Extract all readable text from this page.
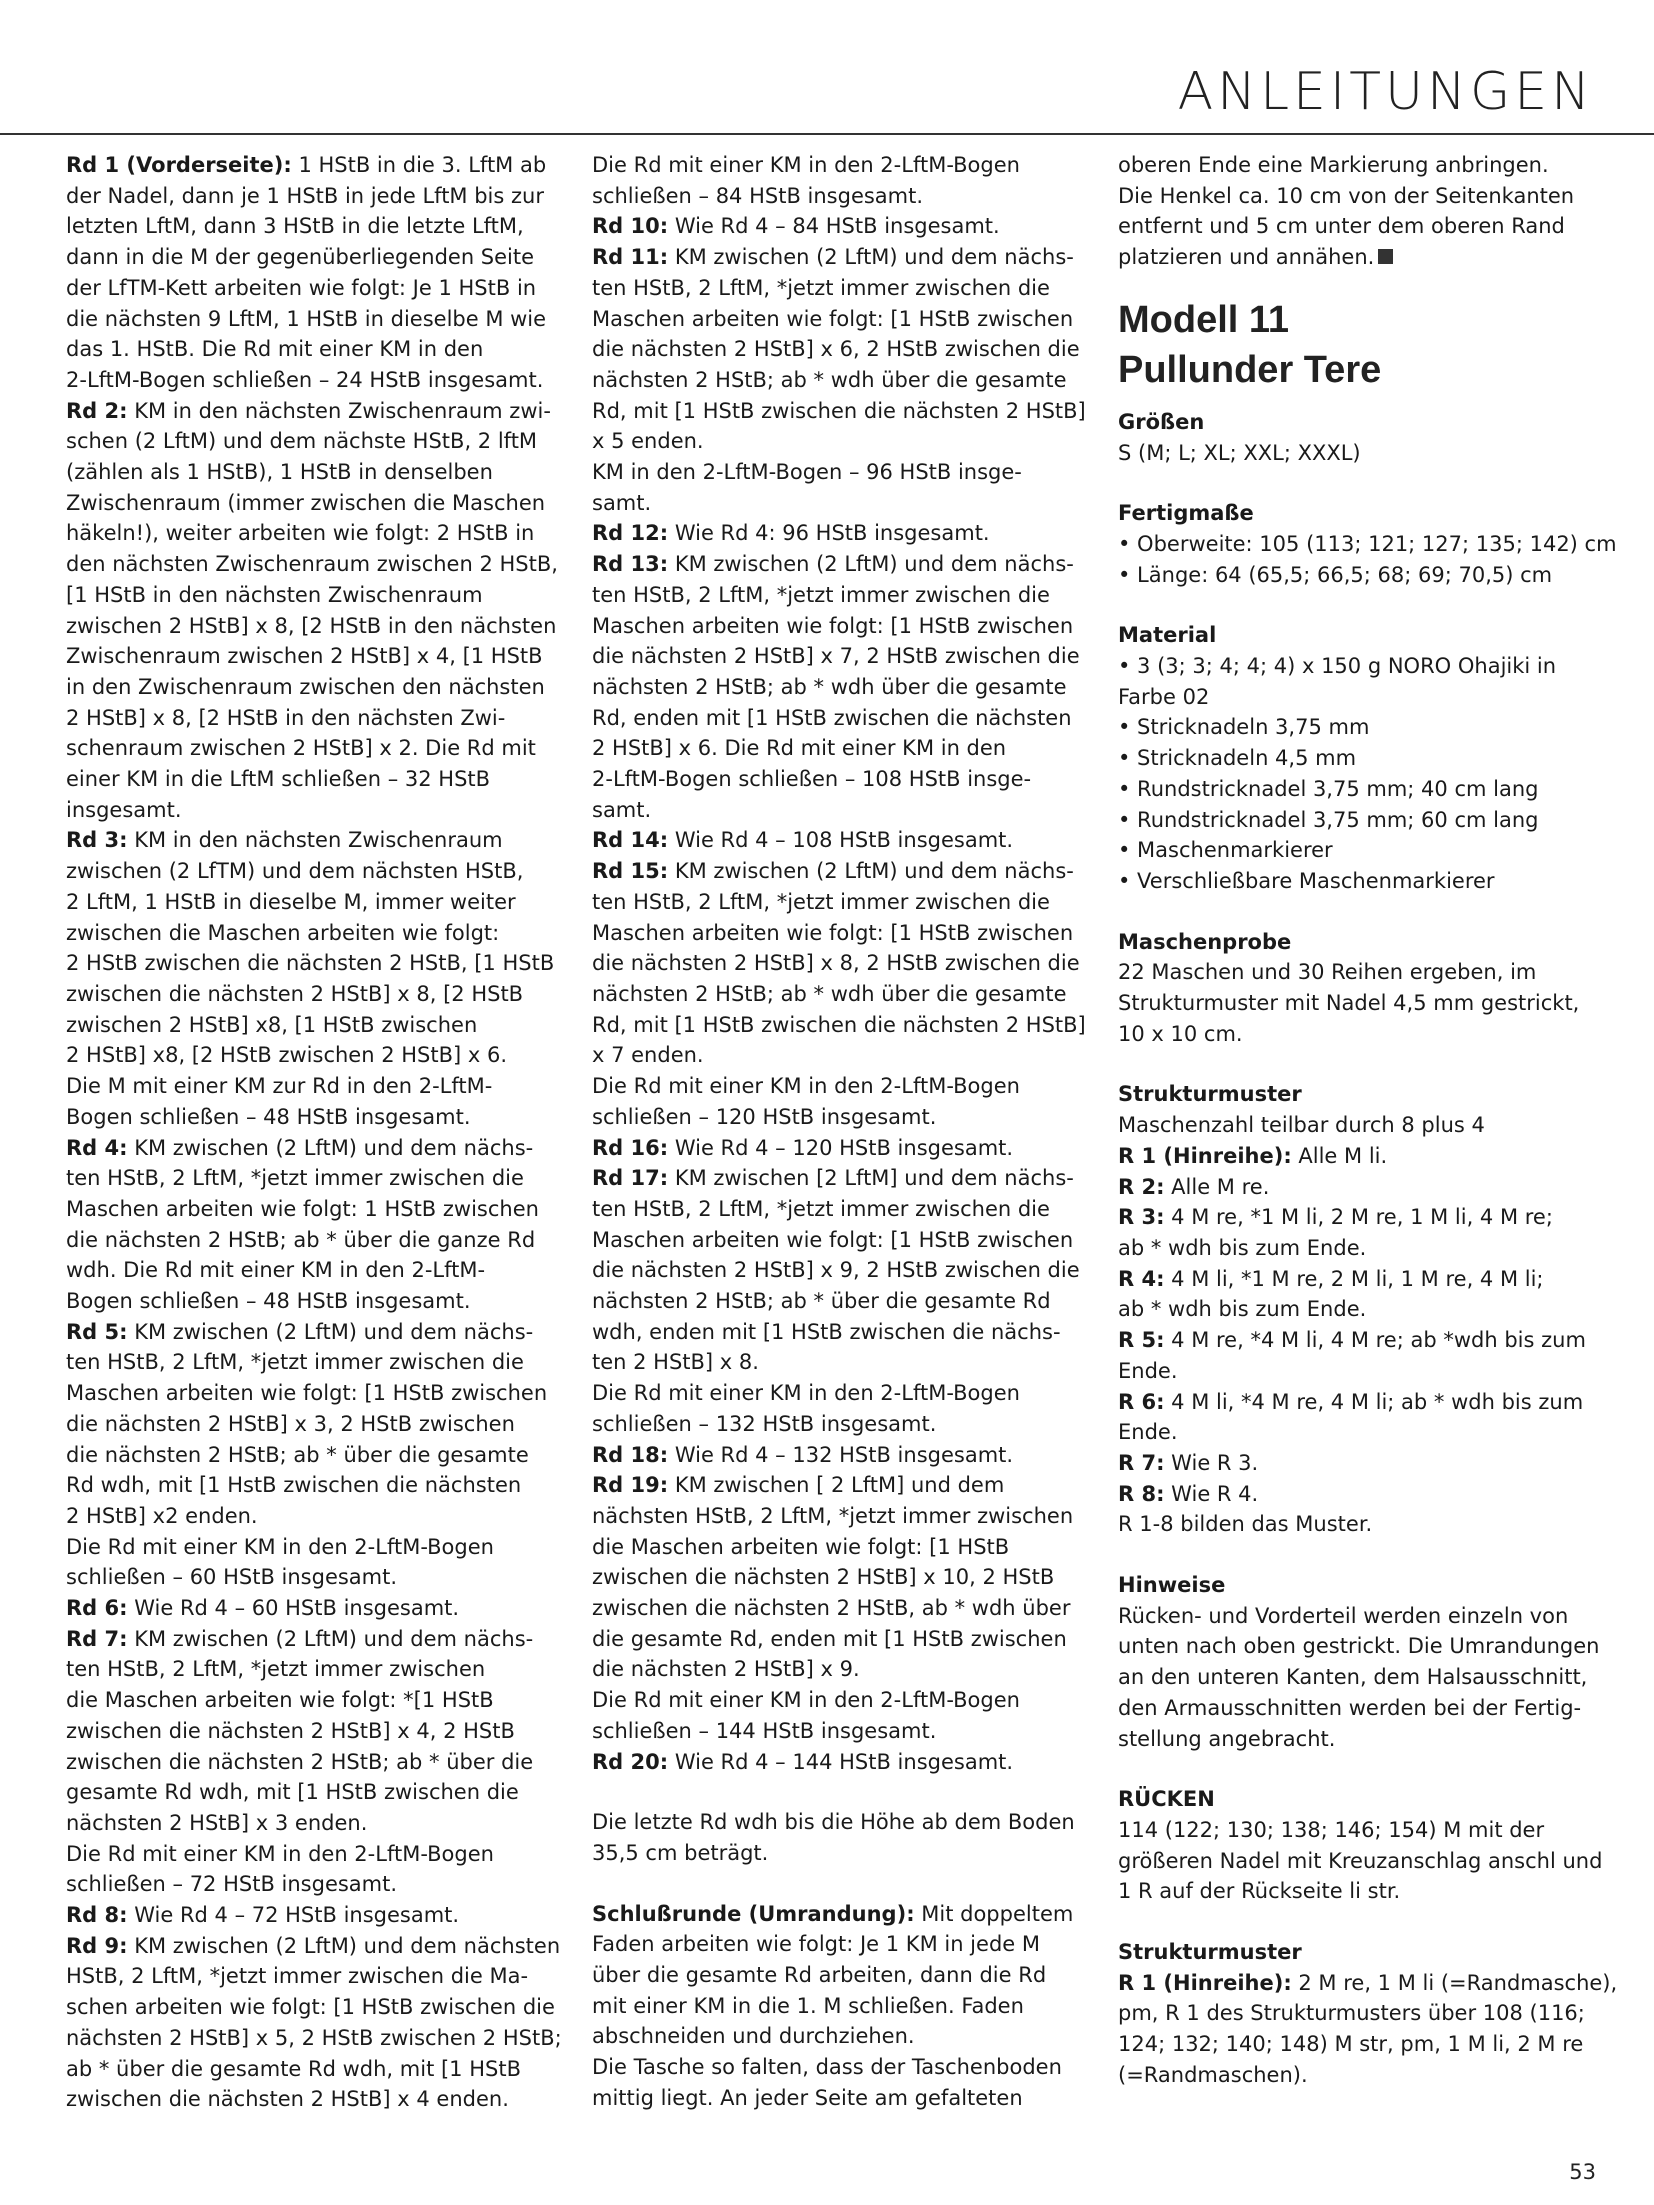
ANLEITUNGEN
Rd 1 (Vorderseite): 1 HStB in die 3. LftM ab
der Nadel, dann je 1 HStB in jede LftM bis zur
letzten LftM, dann 3 HStB in die letzte LftM,
dann in die M der gegenüberliegenden Seite
der LfTM-Kett arbeiten wie folgt: Je 1 HStB in
die nächsten 9 LftM, 1 HStB in dieselbe M wie
das 1. HStB. Die Rd mit einer KM in den
2-LftM-Bogen schließen – 24 HStB insgesamt.
Rd 2: KM in den nächsten Zwischenraum zwi-
schen (2 LftM) und dem nächste HStB, 2 lftM
(zählen als 1 HStB), 1 HStB in denselben
Zwischenraum (immer zwischen die Maschen
häkeln!), weiter arbeiten wie folgt: 2 HStB in
den nächsten Zwischenraum zwischen 2 HStB,
[1 HStB in den nächsten Zwischenraum
zwischen 2 HStB] x 8, [2 HStB in den nächsten
Zwischenraum zwischen 2 HStB] x 4, [1 HStB
in den Zwischenraum zwischen den nächsten
2 HStB] x 8, [2 HStB in den nächsten Zwi-
schenraum zwischen 2 HStB] x 2. Die Rd mit
einer KM in die LftM schließen – 32 HStB
insgesamt.
Rd 3: KM in den nächsten Zwischenraum
zwischen (2 LfTM) und dem nächsten HStB,
2 LftM, 1 HStB in dieselbe M, immer weiter
zwischen die Maschen arbeiten wie folgt:
2 HStB zwischen die nächsten 2 HStB, [1 HStB
zwischen die nächsten 2 HStB] x 8, [2 HStB
zwischen 2 HStB] x8, [1 HStB zwischen
2 HStB] x8, [2 HStB zwischen 2 HStB] x 6.
Die M mit einer KM zur Rd in den 2-LftM-
Bogen schließen – 48 HStB insgesamt.
Rd 4: KM zwischen (2 LftM) und dem nächs-
ten HStB, 2 LftM, *jetzt immer zwischen die
Maschen arbeiten wie folgt: 1 HStB zwischen
die nächsten 2 HStB; ab * über die ganze Rd
wdh. Die Rd mit einer KM in den 2-LftM-
Bogen schließen – 48 HStB insgesamt.
Rd 5: KM zwischen (2 LftM) und dem nächs-
ten HStB, 2 LftM, *jetzt immer zwischen die
Maschen arbeiten wie folgt: [1 HStB zwischen
die nächsten 2 HStB] x 3, 2 HStB zwischen
die nächsten 2 HStB; ab * über die gesamte
Rd wdh, mit [1 HstB zwischen die nächsten
2 HStB] x2 enden.
Die Rd mit einer KM in den 2-LftM-Bogen
schließen – 60 HStB insgesamt.
Rd 6: Wie Rd 4 – 60 HStB insgesamt.
Rd 7: KM zwischen (2 LftM) und dem nächs-
ten HStB, 2 LftM, *jetzt immer zwischen
die Maschen arbeiten wie folgt: *[1 HStB
zwischen die nächsten 2 HStB] x 4, 2 HStB
zwischen die nächsten 2 HStB; ab * über die
gesamte Rd wdh, mit [1 HStB zwischen die
nächsten 2 HStB] x 3 enden.
Die Rd mit einer KM in den 2-LftM-Bogen
schließen – 72 HStB insgesamt.
Rd 8: Wie Rd 4 – 72 HStB insgesamt.
Rd 9: KM zwischen (2 LftM) und dem nächsten
HStB, 2 LftM, *jetzt immer zwischen die Ma-
schen arbeiten wie folgt: [1 HStB zwischen die
nächsten 2 HStB] x 5, 2 HStB zwischen 2 HStB;
ab * über die gesamte Rd wdh, mit [1 HStB
zwischen die nächsten 2 HStB] x 4 enden.
Die Rd mit einer KM in den 2-LftM-Bogen
schließen – 84 HStB insgesamt.
Rd 10: Wie Rd 4 – 84 HStB insgesamt.
Rd 11: KM zwischen (2 LftM) und dem nächs-
ten HStB, 2 LftM, *jetzt immer zwischen die
Maschen arbeiten wie folgt: [1 HStB zwischen
die nächsten 2 HStB] x 6, 2 HStB zwischen die
nächsten 2 HStB; ab * wdh über die gesamte
Rd, mit [1 HStB zwischen die nächsten 2 HStB]
x 5 enden.
KM in den 2-LftM-Bogen – 96 HStB insge-
samt.
Rd 12: Wie Rd 4: 96 HStB insgesamt.
Rd 13: KM zwischen (2 LftM) und dem nächs-
ten HStB, 2 LftM, *jetzt immer zwischen die
Maschen arbeiten wie folgt: [1 HStB zwischen
die nächsten 2 HStB] x 7, 2 HStB zwischen die
nächsten 2 HStB; ab * wdh über die gesamte
Rd, enden mit [1 HStB zwischen die nächsten
2 HStB] x 6. Die Rd mit einer KM in den
2-LftM-Bogen schließen – 108 HStB insge-
samt.
Rd 14: Wie Rd 4 – 108 HStB insgesamt.
Rd 15: KM zwischen (2 LftM) und dem nächs-
ten HStB, 2 LftM, *jetzt immer zwischen die
Maschen arbeiten wie folgt: [1 HStB zwischen
die nächsten 2 HStB] x 8, 2 HStB zwischen die
nächsten 2 HStB; ab * wdh über die gesamte
Rd, mit [1 HStB zwischen die nächsten 2 HStB]
x 7 enden.
Die Rd mit einer KM in den 2-LftM-Bogen
schließen – 120 HStB insgesamt.
Rd 16: Wie Rd 4 – 120 HStB insgesamt.
Rd 17: KM zwischen [2 LftM] und dem nächs-
ten HStB, 2 LftM, *jetzt immer zwischen die
Maschen arbeiten wie folgt: [1 HStB zwischen
die nächsten 2 HStB] x 9, 2 HStB zwischen die
nächsten 2 HStB; ab * über die gesamte Rd
wdh, enden mit [1 HStB zwischen die nächs-
ten 2 HStB] x 8.
Die Rd mit einer KM in den 2-LftM-Bogen
schließen – 132 HStB insgesamt.
Rd 18: Wie Rd 4 – 132 HStB insgesamt.
Rd 19: KM zwischen [ 2 LftM] und dem
nächsten HStB, 2 LftM, *jetzt immer zwischen
die Maschen arbeiten wie folgt: [1 HStB
zwischen die nächsten 2 HStB] x 10, 2 HStB
zwischen die nächsten 2 HStB, ab * wdh über
die gesamte Rd, enden mit [1 HStB zwischen
die nächsten 2 HStB] x 9.
Die Rd mit einer KM in den 2-LftM-Bogen
schließen – 144 HStB insgesamt.
Rd 20: Wie Rd 4 – 144 HStB insgesamt.
Die letzte Rd wdh bis die Höhe ab dem Boden
35,5 cm beträgt.
Schlußrunde (Umrandung): Mit doppeltem
Faden arbeiten wie folgt: Je 1 KM in jede M
über die gesamte Rd arbeiten, dann die Rd
mit einer KM in die 1. M schließen. Faden
abschneiden und durchziehen.
Die Tasche so falten, dass der Taschenboden
mittig liegt. An jeder Seite am gefalteten
oberen Ende eine Markierung anbringen.
Die Henkel ca. 10 cm von der Seitenkanten
entfernt und 5 cm unter dem oberen Rand
platzieren und annähen.
Modell 11
Pullunder Tere
Größen
S (M; L; XL; XXL; XXXL)
Fertigmaße
• Oberweite: 105 (113; 121; 127; 135; 142) cm
• Länge: 64 (65,5; 66,5; 68; 69; 70,5) cm
Material
• 3 (3; 3; 4; 4; 4) x 150 g NORO Ohajiki in
Farbe 02
• Stricknadeln 3,75 mm
• Stricknadeln 4,5 mm
• Rundstricknadel 3,75 mm; 40 cm lang
• Rundstricknadel 3,75 mm; 60 cm lang
• Maschenmarkierer
• Verschließbare Maschenmarkierer
Maschenprobe
22 Maschen und 30 Reihen ergeben, im
Strukturmuster mit Nadel 4,5 mm gestrickt,
10 x 10 cm.
Strukturmuster
Maschenzahl teilbar durch 8 plus 4
R 1 (Hinreihe): Alle M li.
R 2: Alle M re.
R 3: 4 M re, *1 M li, 2 M re, 1 M li, 4 M re;
ab * wdh bis zum Ende.
R 4: 4 M li, *1 M re, 2 M li, 1 M re, 4 M li;
ab * wdh bis zum Ende.
R 5: 4 M re, *4 M li, 4 M re; ab *wdh bis zum
Ende.
R 6: 4 M li, *4 M re, 4 M li; ab * wdh bis zum
Ende.
R 7: Wie R 3.
R 8: Wie R 4.
R 1-8 bilden das Muster.
Hinweise
Rücken- und Vorderteil werden einzeln von
unten nach oben gestrickt. Die Umrandungen
an den unteren Kanten, dem Halsausschnitt,
den Armausschnitten werden bei der Fertig-
stellung angebracht.
RÜCKEN
114 (122; 130; 138; 146; 154) M mit der
größeren Nadel mit Kreuzanschlag anschl und
1 R auf der Rückseite li str.
Strukturmuster
R 1 (Hinreihe): 2 M re, 1 M li (=Randmasche),
pm, R 1 des Strukturmusters über 108 (116;
124; 132; 140; 148) M str, pm, 1 M li, 2 M re
(=Randmaschen).
53
